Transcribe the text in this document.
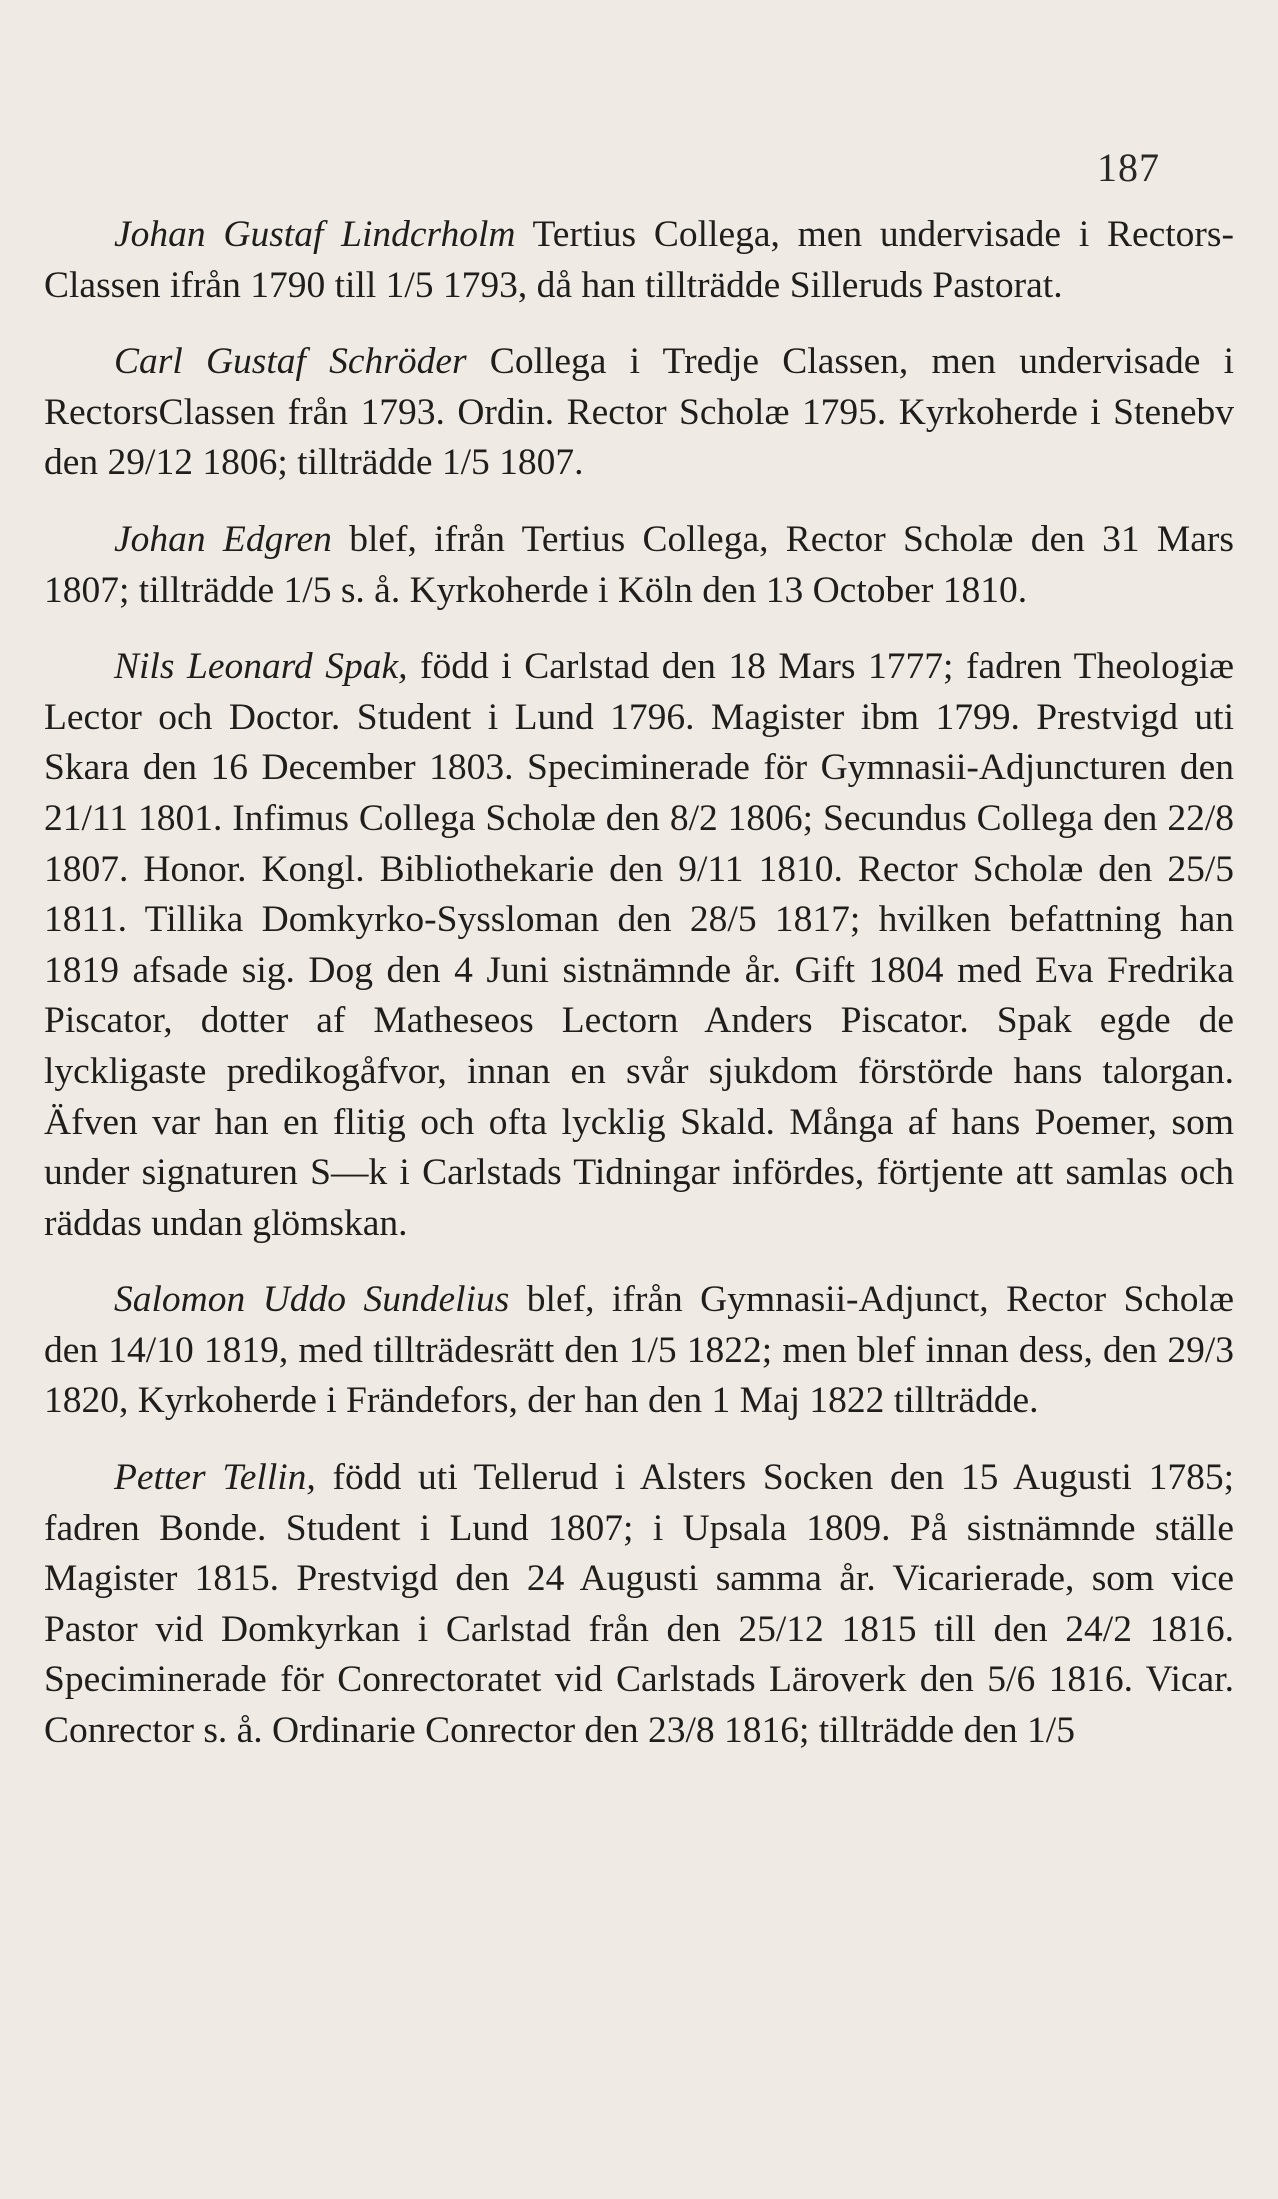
187

Johan Gustaf Lindcrholm Tertius Collega, men undervisade i Rectors-Classen ifrån 1790 till 1/5 1793, då han tillträdde Silleruds Pastorat.

Carl Gustaf Schröder Collega i Tredje Classen, men undervisade i RectorsClassen från 1793. Ordin. Rector Scholæ 1795. Kyrkoherde i Stenebv den 29/12 1806; tillträdde 1/5 1807.

Johan Edgren blef, ifrån Tertius Collega, Rector Scholæ den 31 Mars 1807; tillträdde 1/5 s. å. Kyrkoherde i Köln den 13 October 1810.

Nils Leonard Spak, född i Carlstad den 18 Mars 1777; fadren Theologiæ Lector och Doctor. Student i Lund 1796. Magister ibm 1799. Prestvigd uti Skara den 16 December 1803. Speciminerade för Gymnasii-Adjuncturen den 21/11 1801. Infimus Collega Scholæ den 8/2 1806; Secundus Collega den 22/8 1807. Honor. Kongl. Bibliothekarie den 9/11 1810. Rector Scholæ den 25/5 1811. Tillika Domkyrko-Syssloman den 28/5 1817; hvilken befattning han 1819 afsade sig. Dog den 4 Juni sistnämnde år. Gift 1804 med Eva Fredrika Piscator, dotter af Matheseos Lectorn Anders Piscator. Spak egde de lyckligaste predikogåfvor, innan en svår sjukdom förstörde hans talorgan. Äfven var han en flitig och ofta lycklig Skald. Många af hans Poemer, som under signaturen S—k i Carlstads Tidningar infördes, förtjente att samlas och räddas undan glömskan.

Salomon Uddo Sundelius blef, ifrån Gymnasii-Adjunct, Rector Scholæ den 14/10 1819, med tillträdesrätt den 1/5 1822; men blef innan dess, den 29/3 1820, Kyrkoherde i Frändefors, der han den 1 Maj 1822 tillträdde.

Petter Tellin, född uti Tellerud i Alsters Socken den 15 Augusti 1785; fadren Bonde. Student i Lund 1807; i Upsala 1809. På sistnämnde ställe Magister 1815. Prestvigd den 24 Augusti samma år. Vicarierade, som vice Pastor vid Domkyrkan i Carlstad från den 25/12 1815 till den 24/2 1816. Speciminerade för Conrectoratet vid Carlstads Läroverk den 5/6 1816. Vicar. Conrector s. å. Ordinarie Conrector den 23/8 1816; tillträdde den 1/5
